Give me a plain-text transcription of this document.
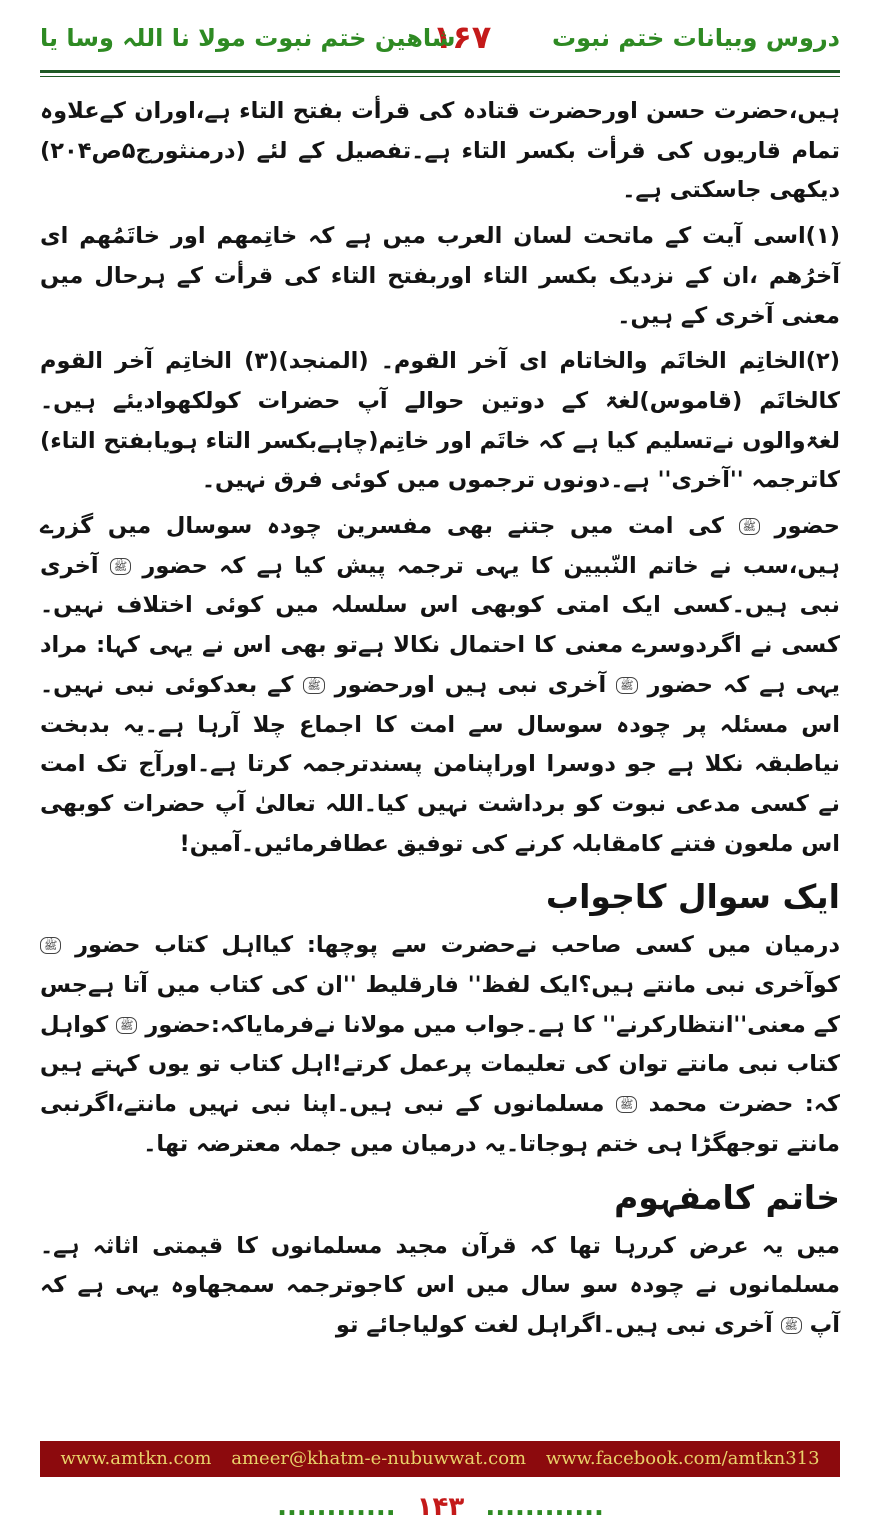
دروس وبیانات ختم نبوت
۱۶۷
شاھین ختم نبوت مولا نا اللہ وسا یا

ہیں،حضرت حسن اورحضرت قتادہ کی قرأت بفتح التاء ہے،اوران کےعلاوہ تمام قاریوں کی قرأت بکسر التاء ہے۔تفصیل کے لئے (درمنثورج۵ص۲۰۴) دیکھی جاسکتی ہے۔

(۱)اسی آیت کے ماتحت لسان العرب میں ہے کہ خاتِمھم اور خاتَمُھم ای آخرُھم ،ان کے نزدیک بکسر التاء اوربفتح التاء کی قرأت کے ہرحال میں معنی آخری کے ہیں۔

(۲)الخاتِم الخاتَم والخاتام ای آخر القوم۔ (المنجد)(۳) الخاتِم آخر القوم کالخاتَم (قاموس)لغۃ کے دوتین حوالے آپ حضرات کولکھوادیئے ہیں۔لغۃوالوں نےتسلیم کیا ہے کہ خاتَم اور خاتِم(چاہےبکسر التاء ہویابفتح التاء) کاترجمہ ''آخری'' ہے۔دونوں ترجموں میں کوئی فرق نہیں۔

حضور ﷺ کی امت میں جتنے بھی مفسرین چودہ سوسال میں گزرے ہیں،سب نے خاتم النّبیین کا یہی ترجمہ پیش کیا ہے کہ حضور ﷺ آخری نبی ہیں۔کسی ایک امتی کوبھی اس سلسلہ میں کوئی اختلاف نہیں۔کسی نے اگردوسرے معنی کا احتمال نکالا ہےتو بھی اس نے یہی کہا: مراد یہی ہے کہ حضور ﷺ آخری نبی ہیں اورحضور ﷺ کے بعدکوئی نبی نہیں۔اس مسئلہ پر چودہ سوسال سے امت کا اجماع چلا آرہا ہے۔یہ بدبخت نیاطبقہ نکلا ہے جو دوسرا اوراپنامن پسندترجمہ کرتا ہے۔اورآج تک امت نے کسی مدعی نبوت کو برداشت نہیں کیا۔اللہ تعالیٰ آپ حضرات کوبھی اس ملعون فتنے کامقابلہ کرنے کی توفیق عطافرمائیں۔آمین!

ایک سوال کاجواب

درمیان میں کسی صاحب نےحضرت سے پوچھا: کیااہل کتاب حضور ﷺ کوآخری نبی مانتے ہیں؟ایک لفظ'' فارقلیط ''ان کی کتاب میں آتا ہےجس کے معنی''انتظارکرنے'' کا ہے۔جواب میں مولانا نےفرمایاکہ:حضور ﷺ کواہل کتاب نبی مانتے توان کی تعلیمات پرعمل کرتے!اہل کتاب تو یوں کہتے ہیں کہ: حضرت محمد ﷺ مسلمانوں کے نبی ہیں۔اپنا نبی نہیں مانتے،اگرنبی مانتے توجھگڑا ہی ختم ہوجاتا۔یہ درمیان میں جملہ معترضہ تھا۔

خاتم کامفہوم

میں یہ عرض کررہا تھا کہ قرآن مجید مسلمانوں کا قیمتی اثاثہ ہے۔مسلمانوں نے چودہ سو سال میں اس کاجوترجمہ سمجھاوہ یہی ہے کہ آپ ﷺ آخری نبی ہیں۔اگراہل لغت کولیاجائے تو

www.amtkn.com ameer@khatm-e-nubuwwat.com www.facebook.com/amtkn313
............ ۱۴۳ ............
